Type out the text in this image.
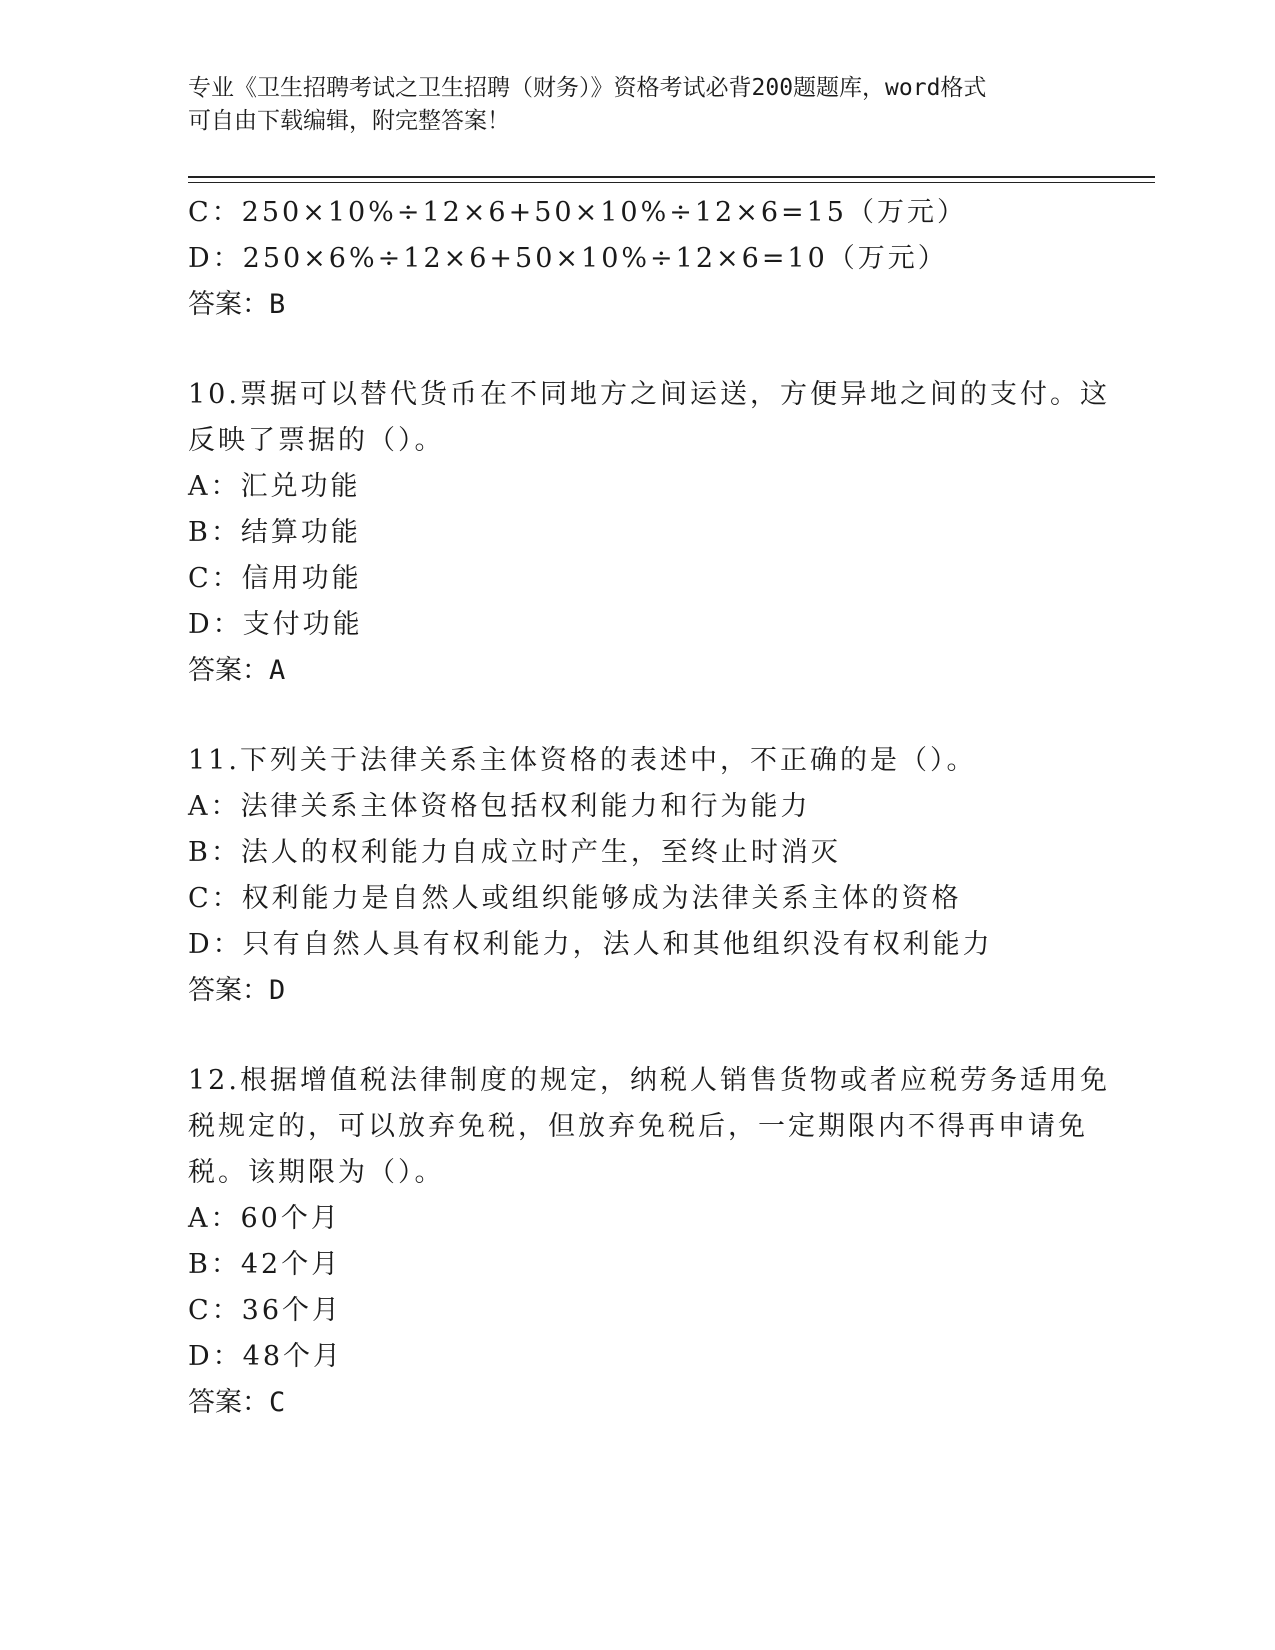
专业《卫生招聘考试之卫生招聘（财务）》资格考试必背200题题库，word格式
可自由下载编辑，附完整答案！
C：250×10%÷12×6+50×10%÷12×6=15（万元）
D：250×6%÷12×6+50×10%÷12×6=10（万元）
答案：B
10.票据可以替代货币在不同地方之间运送，方便异地之间的支付。这
反映了票据的（）。
A：汇兑功能
B：结算功能
C：信用功能
D：支付功能
答案：A
11.下列关于法律关系主体资格的表述中，不正确的是（）。
A：法律关系主体资格包括权利能力和行为能力
B：法人的权利能力自成立时产生，至终止时消灭
C：权利能力是自然人或组织能够成为法律关系主体的资格
D：只有自然人具有权利能力，法人和其他组织没有权利能力
答案：D
12.根据增值税法律制度的规定，纳税人销售货物或者应税劳务适用免
税规定的，可以放弃免税，但放弃免税后，一定期限内不得再申请免
税。该期限为（）。
A：60个月
B：42个月
C：36个月
D：48个月
答案：C
